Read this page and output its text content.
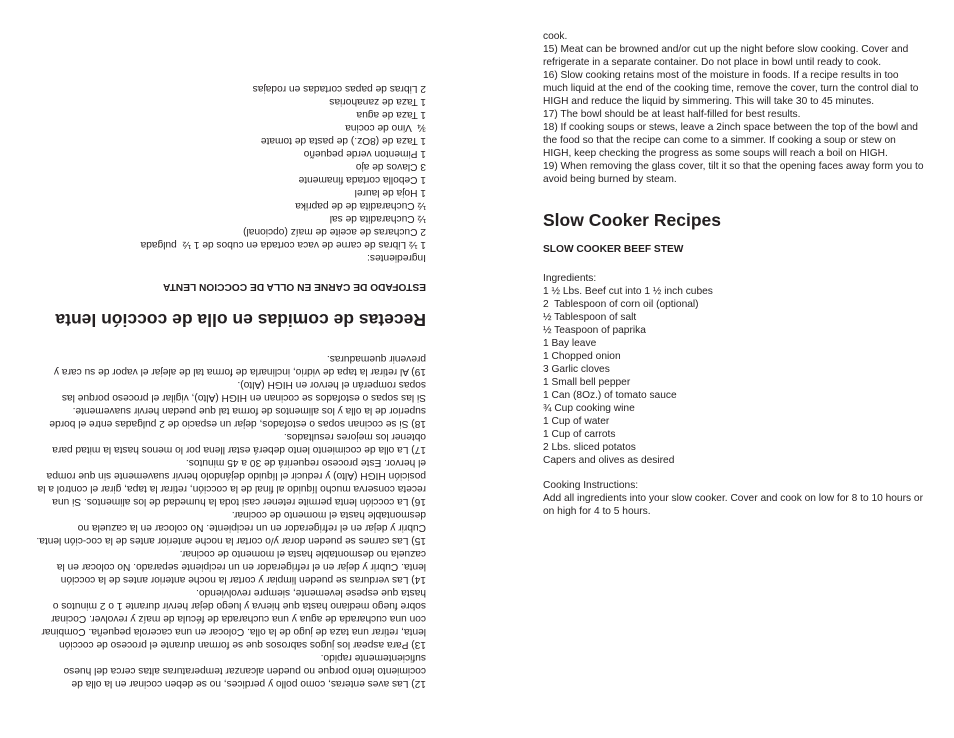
12) Las aves enteras, como pollo y perdices, no se deben cocinar en la olla de cocimiento lento porque no pueden alcanzar temperaturas altas cerca del hueso suficientemente rapido.

13) Para aspear los jugos sabrosos que se forman durante el proceso de cocción lenta, retirar una taza de jugo de la olla. Colocar en una cacerola pequeña. Combinar con una cucharada de agua y una cucharada de fécula de maíz y revolver. Cocinar sobre fuego mediano hasta que hierva y luego dejar hervir durante 1 o 2 minutos o hasta que espese levemente, siempre revolviendo.

14) Las verduras se pueden limpiar y cortar la noche anterior antes de la cocción lenta. Cubrir y dejar en el refrigerador en un recipiente separado. No colocar en la cazuela no desmontable hasta el momento de cocinar.

15) Las carnes se pueden dorar y/o cortar la noche anterior antes de la coc-ción lenta. Cubrir y dejar en el refrigerador en un recipiente. No colocar en la cazuela no desmontable hasta el momento de cocinar.

16) La cocción lenta permite retener casi toda la humedad de los alimentos. Si una receta conserva mucho líquido al final de la cocción, retirar la tapa, girar el control a la posición HIGH (Alto) y reducir el líquido dejándolo hervir suavemente sin que rompa el hervor. Este proceso requerirá de 30 a 45 minutos.

17) La olla de cocimiento lento deberá estar llena por lo menos hasta la mitad para obtener los mejores resultados.

18) Si se cocinan sopas o estofados, dejar un espacio de 2 pulgadas entre el borde superior de la olla y los alimentos de forma tal que puedan hervir suavemente.

Si las sopas o estofados se cocinan en HIGH (Alto), vigilar el proceso porque las sopas romperán el hervor en HIGH (Alto).

19) Al retirar la tapa de vidrio, inclinarla de forma tal de alejar el vapor de su cara y prevenir quemaduras.

Recetas de comidas en olla de cocción lenta

ESTOFADO DE CARNE EN OLLA DE COCCION LENTA

Ingredientes:

1 ½ Libras de carne de vaca cortada en cubos de 1 ½  pulgada

2 Cucharas de aceite de maíz (opcional)

½ Cucharadita de sal

½ Cucharadita de de paprika

1 Hoja de laurel

1 Cebolla cortada finamente

3 Clavos de ajo

1 Pimenton verde pequeño

1 Taza de (8Oz.) de pasta de tomate

¾  Vino de cocina

1 Taza de agua

1 Taza de zanahorias

2 Libras de papas cortadas en rodajas

cook.

15) Meat can be browned and/or cut up the night before slow cooking. Cover and refrigerate in a separate container. Do not place in bowl until ready to cook.

16) Slow cooking retains most of the moisture in foods. If a recipe results in too much liquid at the end of the cooking time, remove the cover, turn the control dial to HIGH and reduce the liquid by simmering. This will take 30 to 45 minutes.

17) The bowl should be at least half-filled for best results.

18) If cooking soups or stews, leave a 2inch space between the top of the bowl and the food so that the recipe can come to a simmer. If cooking a soup or stew on HIGH, keep checking the progress as some soups will reach a boil on HIGH.

19) When removing the glass cover, tilt it so that the opening faces away form you to avoid being burned by steam.

Slow Cooker Recipes

SLOW COOKER BEEF STEW

Ingredients:

1 ½ Lbs. Beef cut into 1 ½ inch cubes

2  Tablespoon of corn oil (optional)

½ Tablespoon of salt

½ Teaspoon of paprika

1 Bay leave

1 Chopped onion

3 Garlic cloves

1 Small bell pepper

1 Can (8Oz.) of tomato sauce

¾ Cup cooking wine

1 Cup of water

1 Cup of carrots

2 Lbs. sliced potatos

Capers and olives as desired

Cooking Instructions:

Add all ingredients into your slow cooker. Cover and cook on low for 8 to 10 hours or on high for 4 to 5 hours.
